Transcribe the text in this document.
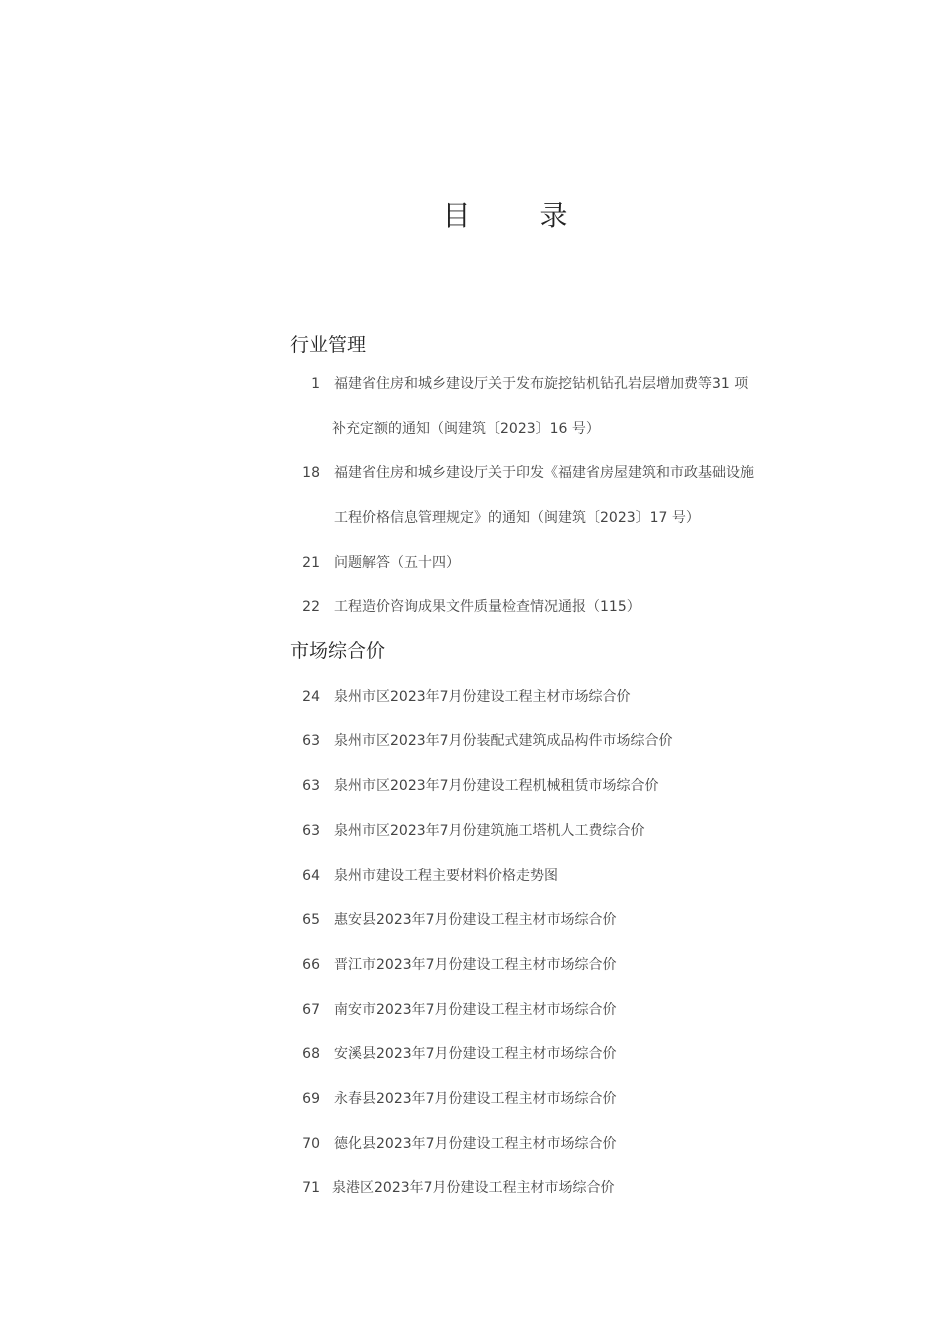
目 录
行业管理
1 福建省住房和城乡建设厅关于发布旋挖钻机钻孔岩层增加费等31 项
补充定额的通知（闽建筑〔2023〕16 号）
18 福建省住房和城乡建设厅关于印发《福建省房屋建筑和市政基础设施
工程价格信息管理规定》的通知（闽建筑〔2023〕17 号）
21 问题解答（五十四）
22 工程造价咨询成果文件质量检查情况通报（115）
市场综合价
24 泉州市区2023年7月份建设工程主材市场综合价
63 泉州市区2023年7月份装配式建筑成品构件市场综合价
63 泉州市区2023年7月份建设工程机械租赁市场综合价
63 泉州市区2023年7月份建筑施工塔机人工费综合价
64 泉州市建设工程主要材料价格走势图
65 惠安县2023年7月份建设工程主材市场综合价
66 晋江市2023年7月份建设工程主材市场综合价
67 南安市2023年7月份建设工程主材市场综合价
68 安溪县2023年7月份建设工程主材市场综合价
69 永春县2023年7月份建设工程主材市场综合价
70 德化县2023年7月份建设工程主材市场综合价
71 泉港区2023年7月份建设工程主材市场综合价
